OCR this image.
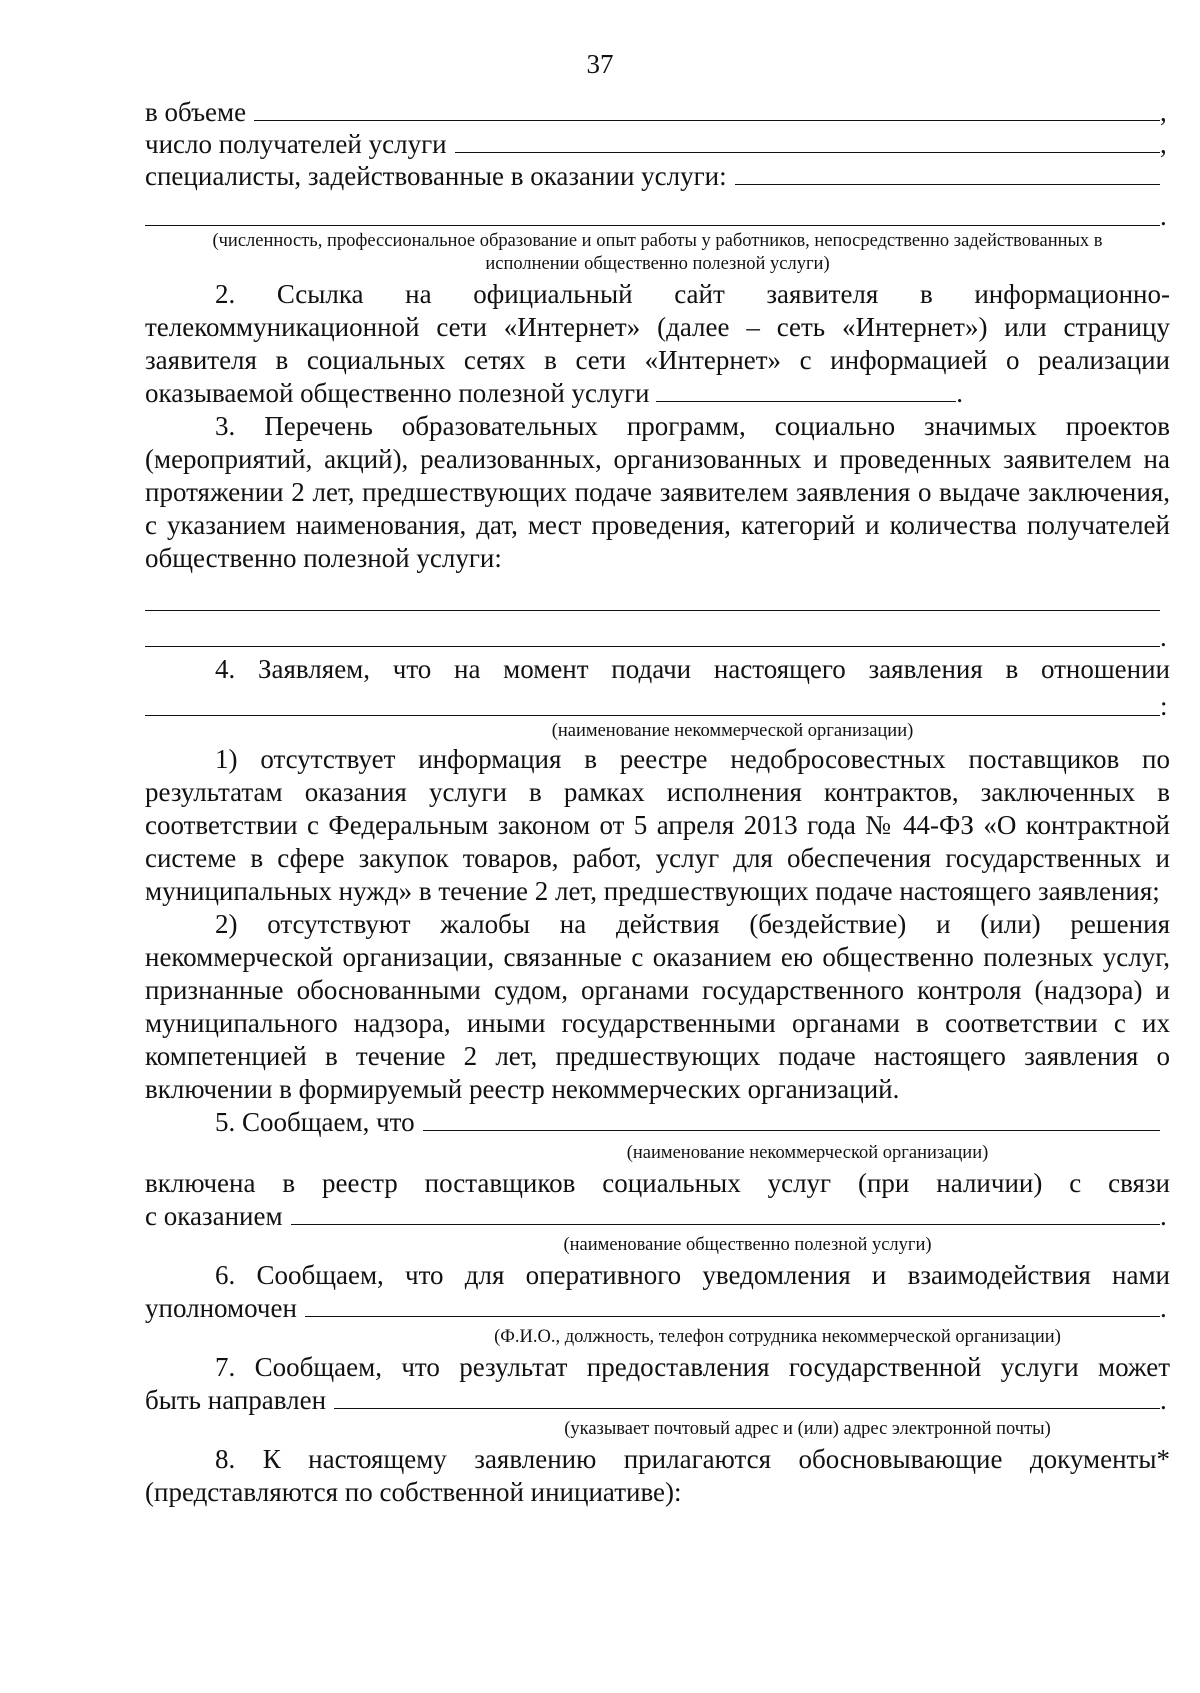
37
в объеме	,
число получателей услуги	,
специалисты, задействованные в оказании услуги:
.
(численность, профессиональное образование и опыт работы у работников, непосредственно задействованных в исполнении общественно полезной услуги)
2. Ссылка на официальный сайт заявителя в информационно-
телекоммуникационной сети «Интернет» (далее – сеть «Интернет») или страницу заявителя в социальных сетях в сети «Интернет» с информацией о реализации оказываемой общественно полезной услуги	.
3. Перечень образовательных программ, социально значимых проектов (мероприятий, акций), реализованных, организованных и проведенных заявителем на протяжении 2 лет, предшествующих подаче заявителем заявления о выдаче заключения, с указанием наименования, дат, мест проведения, категорий и количества получателей общественно полезной услуги:
.
4. Заявляем, что на момент подачи настоящего заявления в отношении
:
(наименование некоммерческой организации)
1) отсутствует информация в реестре недобросовестных поставщиков по результатам оказания услуги в рамках исполнения контрактов, заключенных в соответствии с Федеральным законом от 5 апреля 2013 года № 44-ФЗ «О контрактной системе в сфере закупок товаров, работ, услуг для обеспечения государственных и муниципальных нужд» в течение 2 лет, предшествующих подаче настоящего заявления;
2) отсутствуют жалобы на действия (бездействие) и (или) решения некоммерческой организации, связанные с оказанием ею общественно полезных услуг, признанные обоснованными судом, органами государственного контроля (надзора) и муниципального надзора, иными государственными органами в соответствии с их компетенцией в течение 2 лет, предшествующих подаче настоящего заявления о включении в формируемый реестр некоммерческих организаций.
5. Сообщаем, что
(наименование некоммерческой организации)
включена в реестр поставщиков социальных услуг (при наличии) с связи
с оказанием	.
(наименование общественно полезной услуги)
6. Сообщаем, что для оперативного уведомления и взаимодействия нами
уполномочен	.
(Ф.И.О., должность, телефон сотрудника некоммерческой организации)
7. Сообщаем, что результат предоставления государственной услуги может
быть направлен	.
(указывает почтовый адрес и (или) адрес электронной почты)
8. К настоящему заявлению прилагаются обосновывающие документы*
(представляются по собственной инициативе):
